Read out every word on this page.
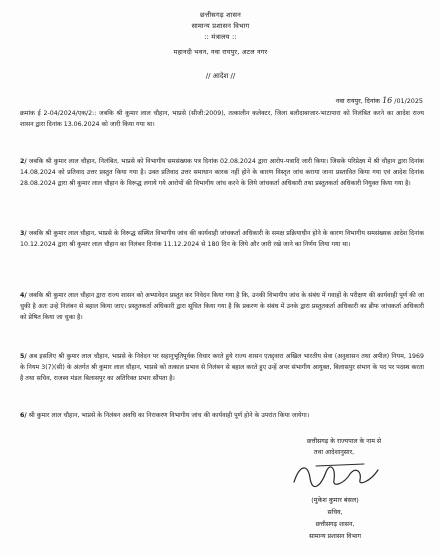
छत्तीसगढ़ शासन
सामान्य प्रशासन विभाग
:: मंत्रालय ::
महानदी भवन, नवा रायपुर, अटल नगर
// आदेश //
नवा रायपुर, दिनांक 16 /01/2025
क्रमांक ई 2-04/2024/एक/2:: जबकि श्री कुमार लाल चौहान, भाप्रसे (सीजी:2009), तत्कालीन कलेक्टर, जिला बलौदाबाजार-भाटापारा को निलंबित करने का आदेश राज्य शासन द्वारा दिनांक 13.06.2024 को जारी किया गया था।
2/ जबकि श्री कुमार लाल चौहान, निलंबित, भाप्रसे को विभागीय समसंख्यक पत्र दिनांक 02.08.2024 द्वारा आरोप-पत्रादि जारी किया। जिसके परिप्रेक्ष्य में श्री चौहान द्वारा दिनांक 14.08.2024 को प्रतिवाद उत्तर प्रस्तुत किया गया है। उक्त प्रतिवाद उत्तर समाधान कारक नहीं होने के कारण विस्तृत जांच कराया जाना प्रस्तावित किया गया एवं आदेश दिनांक 28.08.2024 द्वारा श्री कुमार लाल चौहान के विरूद्ध लगाये गये आरोपों की विभागीय जांच करने के लिये जांचकर्ता अधिकारी तथा प्रस्तुतकर्ता अधिकारी नियुक्त किया गया है।
3/ जबकि श्री कुमार लाल चौहान, भाप्रसे के विरूद्ध संस्थित विभागीय जांच की कार्यवाही जांचकर्ता अधिकारी के समक्ष प्रक्रियाधीन होने के कारण विभागीय समसंख्यक आदेश दिनांक 10.12.2024 द्वारा श्री कुमार लाल चौहान का निलंबन दिनांक 11.12.2024 से 180 दिन के लिये और जारी रखे जाने का निर्णय लिया गया था।
4/ जबकि श्री कुमार लाल चौहान द्वारा राज्य शासन को अभ्यावेदन प्रस्तुत कर निवेदन किया गया है कि, उनकी विभागीय जांच के संबंध में गवाहों के परीक्षण की कार्यवाही पूर्ण की जा चुकी है अतः उन्हे निलंबन से बहाल किया जाए। प्रस्तुतकर्ता अधिकारी द्वारा सूचित किया गया है कि प्रकरण के संबंध में उनके द्वारा प्रस्तुतकर्ता अधिकारी का ब्रीफ जांचकर्ता अधिकारी को प्रेषित किया जा चुका है।
5/ अब इसलिए श्री कुमार लाल चौहान, भाप्रसे के निवेदन पर सहानुभूतिपूर्वक विचार करते हुये राज्य शासन एतद्द्वारा अखिल भारतीय सेवा (अनुशासन तथा अपील) नियम, 1969 के नियम 3(7)(सी) के अंतर्गत श्री कुमार लाल चौहान, भाप्रसे को तत्काल प्रभाव से निलंबन से बहाल करते हुए उन्हें अपर संभागीय आयुक्त, बिलासपुर संभाग के पद पर पदस्थ करता है तथा सचिव, राजस्व मंडल बिलासपुर का अतिरिक्त प्रभार सौंपता है।
6/ श्री कुमार लाल चौहान, भाप्रसे के निलंबन अवधि का निराकरण विभागीय जांच की कार्यवाही पूर्ण होने के उपरांत किया जायेगा।
छत्तीसगढ़ के राज्यपाल के नाम से
तथा आदेशानुसार,
(मुकेश कुमार बंसल)
सचिव,
छत्तीसगढ़ शासन,
सामान्य प्रशासन विभाग
